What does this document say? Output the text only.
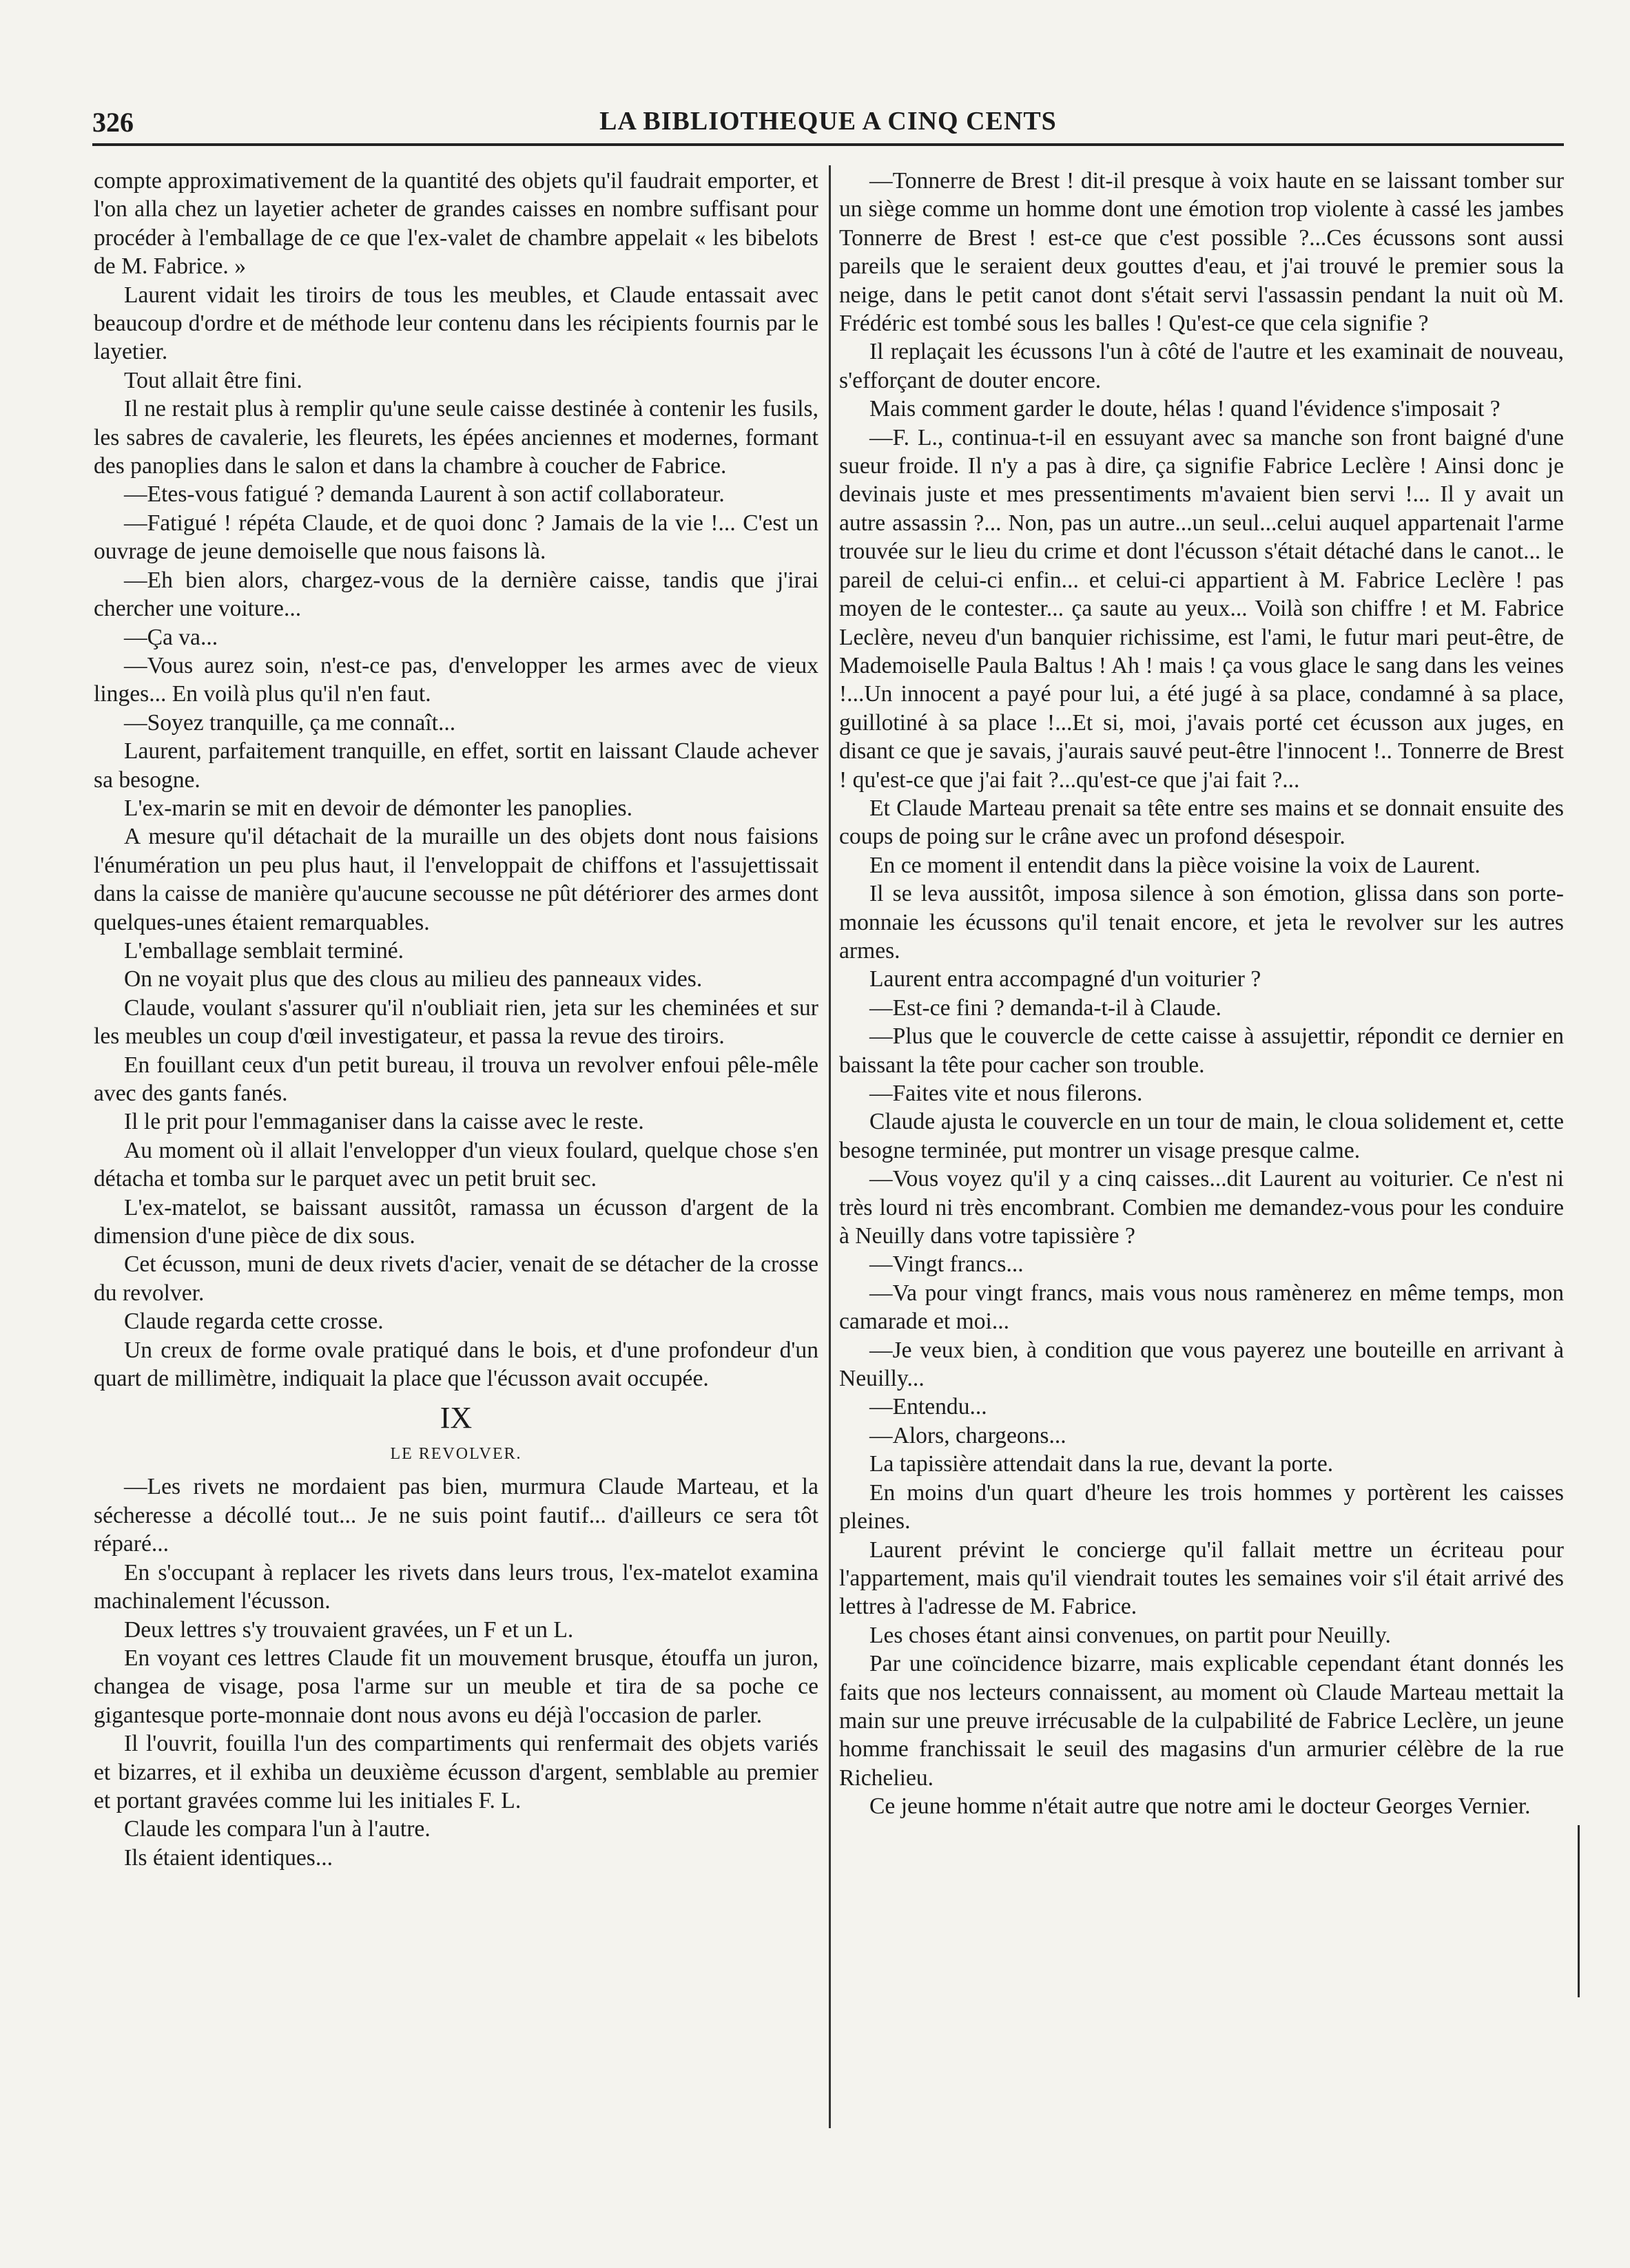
326	LA BIBLIOTHEQUE A CINQ CENTS

compte approximativement de la quantité des objets qu'il faudrait emporter, et l'on alla chez un layetier acheter de grandes caisses en nombre suffisant pour procéder à l'emballage de ce que l'ex-valet de chambre appelait « les bibelots de M. Fabrice. »

Laurent vidait les tiroirs de tous les meubles, et Claude entassait avec beaucoup d'ordre et de méthode leur contenu dans les récipients fournis par le layetier.

Tout allait être fini.

Il ne restait plus à remplir qu'une seule caisse destinée à contenir les fusils, les sabres de cavalerie, les fleurets, les épées anciennes et modernes, formant des panoplies dans le salon et dans la chambre à coucher de Fabrice.

—Etes-vous fatigué ? demanda Laurent à son actif collaborateur.

—Fatigué ! répéta Claude, et de quoi donc ? Jamais de la vie !... C'est un ouvrage de jeune demoiselle que nous faisons là.

—Eh bien alors, chargez-vous de la dernière caisse, tandis que j'irai chercher une voiture...

—Ça va...

—Vous aurez soin, n'est-ce pas, d'envelopper les armes avec de vieux linges... En voilà plus qu'il n'en faut.

—Soyez tranquille, ça me connaît...

Laurent, parfaitement tranquille, en effet, sortit en laissant Claude achever sa besogne.

L'ex-marin se mit en devoir de démonter les panoplies.

A mesure qu'il détachait de la muraille un des objets dont nous faisions l'énumération un peu plus haut, il l'enveloppait de chiffons et l'assujettissait dans la caisse de manière qu'aucune secousse ne pût détériorer des armes dont quelques-unes étaient remarquables.

L'emballage semblait terminé.

On ne voyait plus que des clous au milieu des panneaux vides.

Claude, voulant s'assurer qu'il n'oubliait rien, jeta sur les cheminées et sur les meubles un coup d'œil investigateur, et passa la revue des tiroirs.

En fouillant ceux d'un petit bureau, il trouva un revolver enfoui pêle-mêle avec des gants fanés.

Il le prit pour l'emmaganiser dans la caisse avec le reste.

Au moment où il allait l'envelopper d'un vieux foulard, quelque chose s'en détacha et tomba sur le parquet avec un petit bruit sec.

L'ex-matelot, se baissant aussitôt, ramassa un écusson d'argent de la dimension d'une pièce de dix sous.

Cet écusson, muni de deux rivets d'acier, venait de se détacher de la crosse du revolver.

Claude regarda cette crosse.

Un creux de forme ovale pratiqué dans le bois, et d'une profondeur d'un quart de millimètre, indiquait la place que l'écusson avait occupée.

IX
LE REVOLVER.

—Les rivets ne mordaient pas bien, murmura Claude Marteau, et la sécheresse a décollé tout... Je ne suis point fautif... d'ailleurs ce sera tôt réparé...

En s'occupant à replacer les rivets dans leurs trous, l'ex-matelot examina machinalement l'écusson.

Deux lettres s'y trouvaient gravées, un F et un L.

En voyant ces lettres Claude fit un mouvement brusque, étouffa un juron, changea de visage, posa l'arme sur un meuble et tira de sa poche ce gigantesque porte-monnaie dont nous avons eu déjà l'occasion de parler.

Il l'ouvrit, fouilla l'un des compartiments qui renfermait des objets variés et bizarres, et il exhiba un deuxième écusson d'argent, semblable au premier et portant gravées comme lui les initiales F. L.

Claude les compara l'un à l'autre.

Ils étaient identiques...

—Tonnerre de Brest ! dit-il presque à voix haute en se laissant tomber sur un siège comme un homme dont une émotion trop violente à cassé les jambes Tonnerre de Brest ! est-ce que c'est possible ?...Ces écussons sont aussi pareils que le seraient deux gouttes d'eau, et j'ai trouvé le premier sous la neige, dans le petit canot dont s'était servi l'assassin pendant la nuit où M. Frédéric est tombé sous les balles ! Qu'est-ce que cela signifie ?

Il replaçait les écussons l'un à côté de l'autre et les examinait de nouveau, s'efforçant de douter encore.

Mais comment garder le doute, hélas ! quand l'évidence s'imposait ?

—F. L., continua-t-il en essuyant avec sa manche son front baigné d'une sueur froide. Il n'y a pas à dire, ça signifie Fabrice Leclère ! Ainsi donc je devinais juste et mes pressentiments m'avaient bien servi !... Il y avait un autre assassin ?... Non, pas un autre...un seul...celui auquel appartenait l'arme trouvée sur le lieu du crime et dont l'écusson s'était détaché dans le canot... le pareil de celui-ci enfin... et celui-ci appartient à M. Fabrice Leclère ! pas moyen de le contester... ça saute au yeux... Voilà son chiffre ! et M. Fabrice Leclère, neveu d'un banquier richissime, est l'ami, le futur mari peut-être, de Mademoiselle Paula Baltus ! Ah ! mais ! ça vous glace le sang dans les veines !...Un innocent a payé pour lui, a été jugé à sa place, condamné à sa place, guillotiné à sa place !...Et si, moi, j'avais porté cet écusson aux juges, en disant ce que je savais, j'aurais sauvé peut-être l'innocent !.. Tonnerre de Brest ! qu'est-ce que j'ai fait ?...qu'est-ce que j'ai fait ?...

Et Claude Marteau prenait sa tête entre ses mains et se donnait ensuite des coups de poing sur le crâne avec un profond désespoir.

En ce moment il entendit dans la pièce voisine la voix de Laurent.

Il se leva aussitôt, imposa silence à son émotion, glissa dans son porte-monnaie les écussons qu'il tenait encore, et jeta le revolver sur les autres armes.

Laurent entra accompagné d'un voiturier ?

—Est-ce fini ? demanda-t-il à Claude.

—Plus que le couvercle de cette caisse à assujettir, répondit ce dernier en baissant la tête pour cacher son trouble.

—Faites vite et nous filerons.

Claude ajusta le couvercle en un tour de main, le cloua solidement et, cette besogne terminée, put montrer un visage presque calme.

—Vous voyez qu'il y a cinq caisses...dit Laurent au voiturier. Ce n'est ni très lourd ni très encombrant. Combien me demandez-vous pour les conduire à Neuilly dans votre tapissière ?

—Vingt francs...

—Va pour vingt francs, mais vous nous ramènerez en même temps, mon camarade et moi...

—Je veux bien, à condition que vous payerez une bouteille en arrivant à Neuilly...

—Entendu...

—Alors, chargeons...

La tapissière attendait dans la rue, devant la porte.

En moins d'un quart d'heure les trois hommes y portèrent les caisses pleines.

Laurent prévint le concierge qu'il fallait mettre un écriteau pour l'appartement, mais qu'il viendrait toutes les semaines voir s'il était arrivé des lettres à l'adresse de M. Fabrice.

Les choses étant ainsi convenues, on partit pour Neuilly.

Par une coïncidence bizarre, mais explicable cependant étant donnés les faits que nos lecteurs connaissent, au moment où Claude Marteau mettait la main sur une preuve irrécusable de la culpabilité de Fabrice Leclère, un jeune homme franchissait le seuil des magasins d'un armurier célèbre de la rue Richelieu.

Ce jeune homme n'était autre que notre ami le docteur Georges Vernier.
